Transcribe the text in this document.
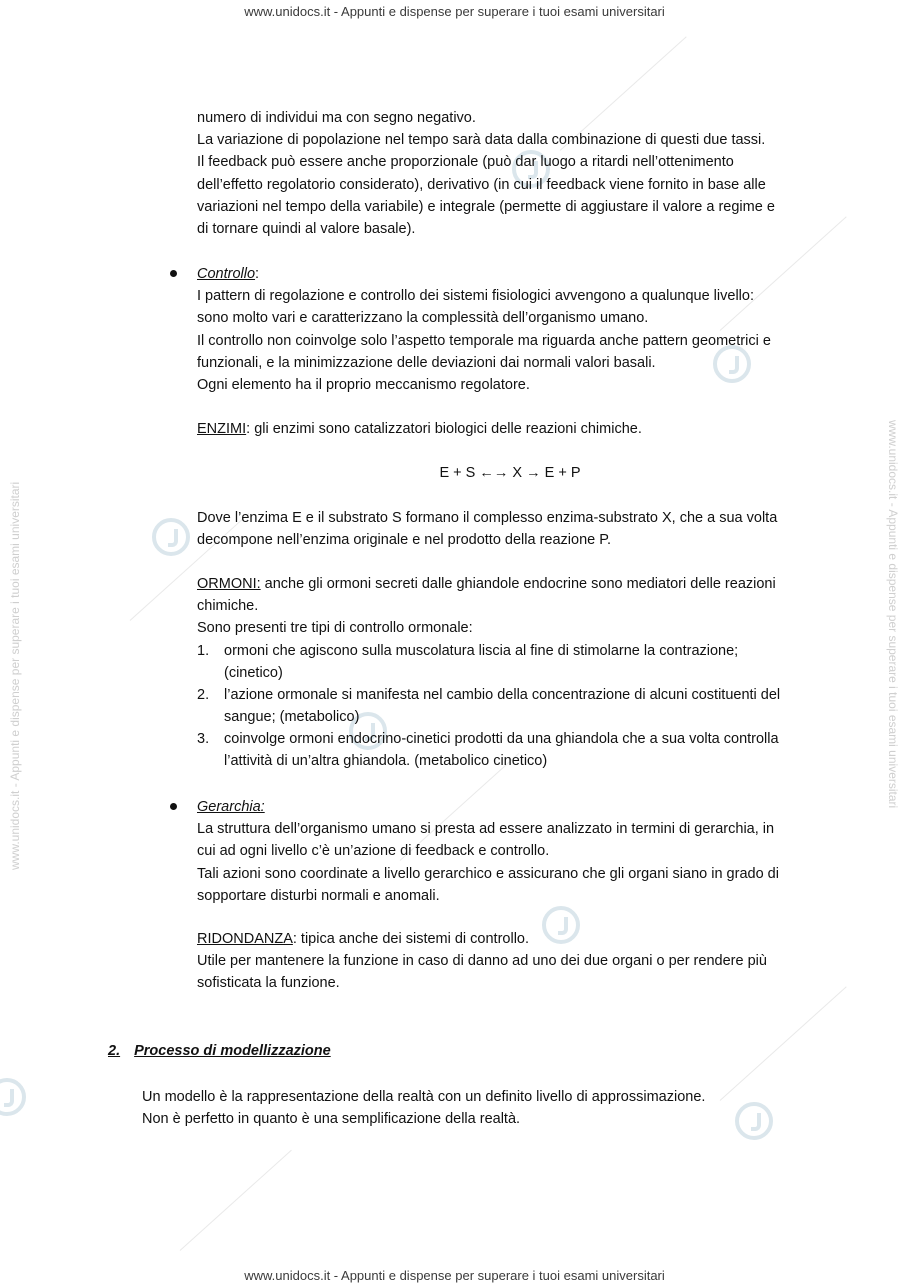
www.unidocs.it - Appunti e dispense per superare i tuoi esami universitari
www.unidocs.it - Appunti e dispense per superare i tuoi esami universitari
www.unidocs.it - Appunti e dispense per superare i tuoi esami universitari	www.unidocs.it - Appunti e dispense per superare i tuoi esami universitari

numero di individui ma con segno negativo.

La variazione di popolazione nel tempo sarà data dalla combinazione di questi due tassi.

Il feedback può essere anche proporzionale (può dar luogo a ritardi nell’ottenimento

dell’effetto regolatorio considerato), derivativo (in cui il feedback viene fornito in base alle

variazioni nel tempo della variabile) e integrale (permette di aggiustare il valore a regime e

di tornare quindi al valore basale).

Controllo:

I pattern di regolazione e controllo dei sistemi fisiologici avvengono a qualunque livello:

sono molto vari e caratterizzano la complessità dell’organismo umano.

Il controllo non coinvolge solo l’aspetto temporale ma riguarda anche pattern geometrici e

funzionali, e la minimizzazione delle deviazioni dai normali valori basali.

Ogni elemento ha il proprio meccanismo regolatore.

ENZIMI: gli enzimi sono catalizzatori biologici delle reazioni chimiche.

E + S ←→ X → E + P

Dove l’enzima E e il substrato S formano il complesso enzima-substrato X, che a sua volta

decompone nell’enzima originale e nel prodotto della reazione P.

ORMONI: anche gli ormoni secreti dalle ghiandole endocrine sono mediatori delle reazioni

chimiche.

Sono presenti tre tipi di controllo ormonale:

1. ormoni che agiscono sulla muscolatura liscia al fine di stimolarne la contrazione;

(cinetico)

2. l’azione ormonale si manifesta nel cambio della concentrazione di alcuni costituenti del

sangue; (metabolico)

3. coinvolge ormoni endocrino-cinetici prodotti da una ghiandola che a sua volta controlla

l’attività di un’altra ghiandola. (metabolico cinetico)

Gerarchia:

La struttura dell’organismo umano si presta ad essere analizzato in termini di gerarchia, in

cui ad ogni livello c’è un’azione di feedback e controllo.

Tali azioni sono coordinate a livello gerarchico e assicurano che gli organi siano in grado di

sopportare disturbi normali e anomali.

RIDONDANZA: tipica anche dei sistemi di controllo.

Utile per mantenere la funzione in caso di danno ad uno dei due organi o per rendere più

sofisticata la funzione.

2. Processo di modellizzazione

Un modello è la rappresentazione della realtà con un definito livello di approssimazione.

Non è perfetto in quanto è una semplificazione della realtà.
